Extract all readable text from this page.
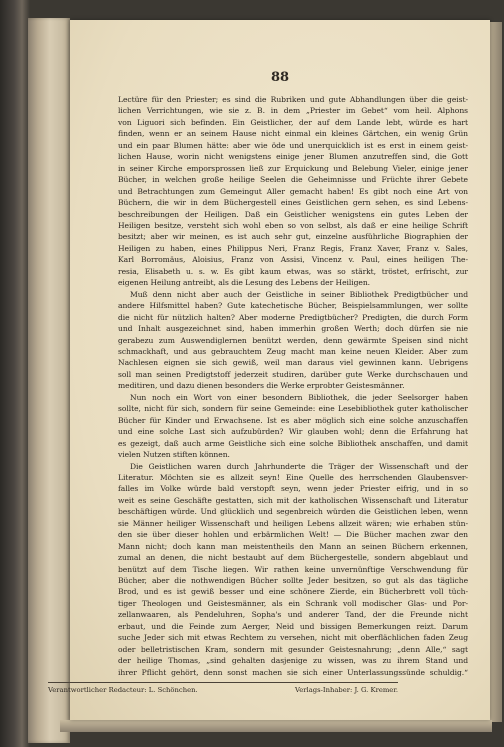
88
Lectüre für den Priester; es sind die Rubriken und gute Abhandlungen über die geist-
lichen Verrichtungen, wie sie z. B. in dem „Priester im Gebet“ vom heil. Alphons
von Liguori sich befinden. Ein Geistlicher, der auf dem Lande lebt, würde es hart
finden, wenn er an seinem Hause nicht einmal ein kleines Gärtchen, ein wenig Grün
und ein paar Blumen hätte: aber wie öde und unerquicklich ist es erst in einem geist-
lichen Hause, worin nicht wenigstens einige jener Blumen anzutreffen sind, die Gott
in seiner Kirche emporsprossen ließ zur Erquickung und Belebung Vieler, einige jener
Bücher, in welchen große heilige Seelen die Geheimnisse und Früchte ihrer Gebete
und Betrachtungen zum Gemeingut Aller gemacht haben! Es gibt noch eine Art von
Büchern, die wir in dem Büchergestell eines Geistlichen gern sehen, es sind Lebens-
beschreibungen der Heiligen. Daß ein Geistlicher wenigstens ein gutes Leben der
Heiligen besitze, versteht sich wohl eben so von selbst, als daß er eine heilige Schrift
besitzt; aber wir meinen, es ist auch sehr gut, einzelne ausführliche Biographien der
Heiligen zu haben, eines Philippus Neri, Franz Regis, Franz Xaver, Franz v. Sales,
Karl Borromäus, Aloisius, Franz von Assisi, Vincenz v. Paul, eines heiligen The-
resia, Elisabeth u. s. w. Es gibt kaum etwas, was so stärkt, tröstet, erfrischt, zur
eigenen Heilung antreibt, als die Lesung des Lebens der Heiligen.
Muß denn nicht aber auch der Geistliche in seiner Bibliothek Predigtbücher und
andere Hilfsmittel haben? Gute katechetische Bücher, Beispielsammlungen, wer sollte
die nicht für nützlich halten? Aber moderne Predigtbücher? Predigten, die durch Form
und Inhalt ausgezeichnet sind, haben immerhin großen Werth; doch dürfen sie nie
gerabezu zum Auswendiglernen benützt werden, denn gewärmte Speisen sind nicht
schmackhaft, und aus gebrauchtem Zeug macht man keine neuen Kleider. Aber zum
Nachlesen eignen sie sich gewiß, weil man daraus viel gewinnen kann. Uebrigens
soll man seinen Predigtstoff jederzeit studiren, darüber gute Werke durchschauen und
meditiren, und dazu dienen besonders die Werke erprobter Geistesmänner.
Nun noch ein Wort von einer besondern Bibliothek, die jeder Seelsorger haben
sollte, nicht für sich, sondern für seine Gemeinde: eine Lesebibliothek guter katholischer
Bücher für Kinder und Erwachsene. Ist es aber möglich sich eine solche anzuschaffen
und eine solche Last sich aufzubürden? Wir glauben wohl; denn die Erfahrung hat
es gezeigt, daß auch arme Geistliche sich eine solche Bibliothek anschaffen, und damit
vielen Nutzen stiften können.
Die Geistlichen waren durch Jahrhunderte die Träger der Wissenschaft und der
Literatur. Möchten sie es allzeit seyn! Eine Quelle des herrschenden Glaubensver-
falles im Volke würde bald verstopft seyn, wenn jeder Priester eifrig, und in so
weit es seine Geschäfte gestatten, sich mit der katholischen Wissenschaft und Literatur
beschäftigen würde. Und glücklich und segenbreich würden die Geistlichen leben, wenn
sie Männer heiliger Wissenschaft und heiligen Lebens allzeit wären; wie erhaben stün-
den sie über dieser hohlen und erbärmlichen Welt! — Die Bücher machen zwar den
Mann nicht; doch kann man meistentheils den Mann an seinen Büchern erkennen,
zumal an denen, die nicht bestaubt auf dem Büchergestelle, sondern abgeblaut und
benützt auf dem Tische liegen. Wir rathen keine unvernünftige Verschwendung für
Bücher, aber die nothwendigen Bücher sollte Jeder besitzen, so gut als das tägliche
Brod, und es ist gewiß besser und eine schönere Zierde, ein Bücherbrett voll tüch-
tiger Theologen und Geistesmänner, als ein Schrank voll modischer Glas- und Por-
zellanwaaren, als Pendeluhren, Sopha's und anderer Tand, der die Freunde nicht
erbaut, und die Feinde zum Aerger, Neid und bissigen Bemerkungen reizt. Darum
suche Jeder sich mit etwas Rechtem zu versehen, nicht mit oberflächlichen faden Zeug
oder belletristischen Kram, sondern mit gesunder Geistesnahrung; „denn Alle,“ sagt
der heilige Thomas, „sind gehalten dasjenige zu wissen, was zu ihrem Stand und
ihrer Pflicht gehört, denn sonst machen sie sich einer Unterlassungssünde schuldig.“
Verantwortlicher Redacteur: L. Schönchen.	Verlags-Inhaber: J. G. Kremer.
